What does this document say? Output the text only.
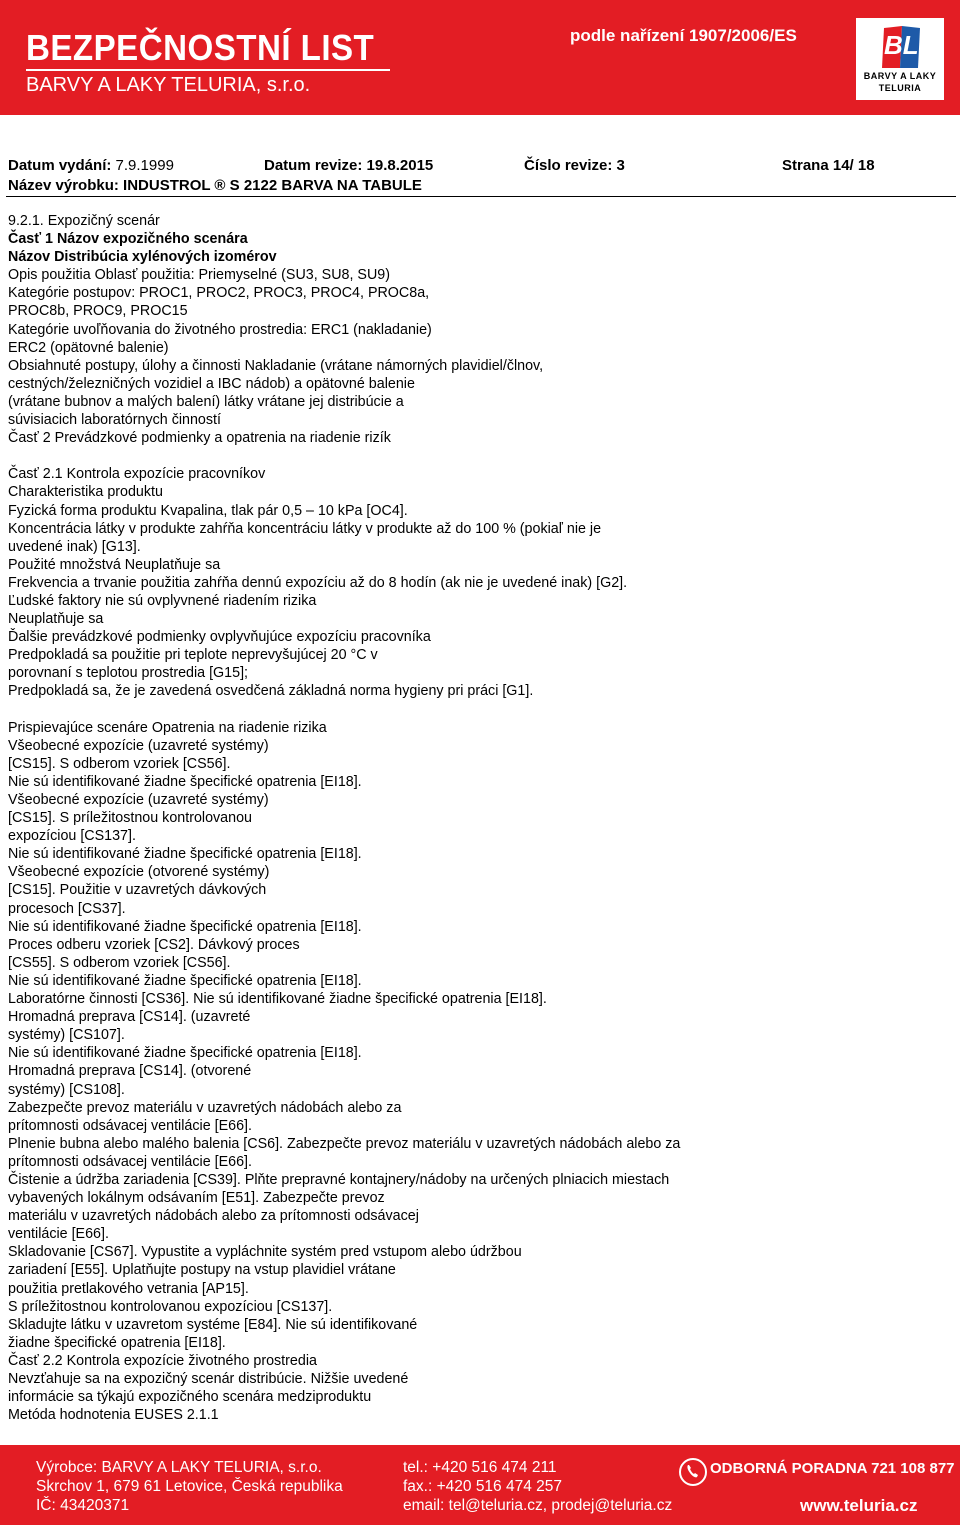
BEZPEČNOSTNÍ LIST
BARVY A LAKY TELURIA, s.r.o.
podle nařízení 1907/2006/ES	BL
BARVY A LAKY
TELURIA
Datum vydání: 7.9.1999	Datum revize: 19.8.2015	Číslo revize: 3	Strana 14/ 18
Název výrobku: INDUSTROL ® S 2122 BARVA NA TABULE
9.2.1. Expozičný scenár
Časť 1 Názov expozičného scenára
Názov Distribúcia xylénových izomérov
Opis použitia Oblasť použitia: Priemyselné (SU3, SU8, SU9)
Kategórie postupov: PROC1, PROC2, PROC3, PROC4, PROC8a,
PROC8b, PROC9, PROC15
Kategórie uvoľňovania do životného prostredia: ERC1 (nakladanie)
ERC2 (opätovné balenie)
Obsiahnuté postupy, úlohy a činnosti Nakladanie (vrátane námorných plavidiel/člnov,
cestných/železničných vozidiel a IBC nádob) a opätovné balenie
(vrátane bubnov a malých balení) látky vrátane jej distribúcie a
súvisiacich laboratórnych činností
Časť 2 Prevádzkové podmienky a opatrenia na riadenie rizík
Časť 2.1 Kontrola expozície pracovníkov
Charakteristika produktu
Fyzická forma produktu Kvapalina, tlak pár 0,5 – 10 kPa [OC4].
Koncentrácia látky v produkte zahŕňa koncentráciu látky v produkte až do 100 % (pokiaľ nie je
uvedené inak) [G13].
Použité množstvá Neuplatňuje sa
Frekvencia a trvanie použitia zahŕňa dennú expozíciu až do 8 hodín (ak nie je uvedené inak) [G2].
Ľudské faktory nie sú ovplyvnené riadením rizika
Neuplatňuje sa
Ďalšie prevádzkové podmienky ovplyvňujúce expozíciu pracovníka
Predpokladá sa použitie pri teplote neprevyšujúcej 20 °C v
porovnaní s teplotou prostredia [G15];
Predpokladá sa, že je zavedená osvedčená základná norma hygieny pri práci [G1].
Prispievajúce scenáre Opatrenia na riadenie rizika
Všeobecné expozície (uzavreté systémy)
[CS15]. S odberom vzoriek [CS56].
Nie sú identifikované žiadne špecifické opatrenia [EI18].
Všeobecné expozície (uzavreté systémy)
[CS15]. S príležitostnou kontrolovanou
expozíciou [CS137].
Nie sú identifikované žiadne špecifické opatrenia [EI18].
Všeobecné expozície (otvorené systémy)
[CS15]. Použitie v uzavretých dávkových
procesoch [CS37].
Nie sú identifikované žiadne špecifické opatrenia [EI18].
Proces odberu vzoriek [CS2]. Dávkový proces
[CS55]. S odberom vzoriek [CS56].
Nie sú identifikované žiadne špecifické opatrenia [EI18].
Laboratórne činnosti [CS36]. Nie sú identifikované žiadne špecifické opatrenia [EI18].
Hromadná preprava [CS14]. (uzavreté
systémy) [CS107].
Nie sú identifikované žiadne špecifické opatrenia [EI18].
Hromadná preprava [CS14]. (otvorené
systémy) [CS108].
Zabezpečte prevoz materiálu v uzavretých nádobách alebo za
prítomnosti odsávacej ventilácie [E66].
Plnenie bubna alebo malého balenia [CS6]. Zabezpečte prevoz materiálu v uzavretých nádobách alebo za
prítomnosti odsávacej ventilácie [E66].
Čistenie a údržba zariadenia [CS39]. Plňte prepravné kontajnery/nádoby na určených plniacich miestach
vybavených lokálnym odsávaním [E51]. Zabezpečte prevoz
materiálu v uzavretých nádobách alebo za prítomnosti odsávacej
ventilácie [E66].
Skladovanie [CS67]. Vypustite a vypláchnite systém pred vstupom alebo údržbou
zariadení [E55]. Uplatňujte postupy na vstup plavidiel vrátane
použitia pretlakového vetrania [AP15].
S príležitostnou kontrolovanou expozíciou [CS137].
Skladujte látku v uzavretom systéme [E84]. Nie sú identifikované
žiadne špecifické opatrenia [EI18].
Časť 2.2 Kontrola expozície životného prostredia
Nevzťahuje sa na expozičný scenár distribúcie. Nižšie uvedené
informácie sa týkajú expozičného scenára medziproduktu
Metóda hodnotenia EUSES 2.1.1
Výrobce: BARVY A LAKY TELURIA, s.r.o.
Skrchov 1, 679 61 Letovice, Česká republika
IČ: 43420371
tel.: +420 516 474 211
fax.: +420 516 474 257
email: tel@teluria.cz, prodej@teluria.cz
ODBORNÁ PORADNA 721 108 877
www.teluria.cz
